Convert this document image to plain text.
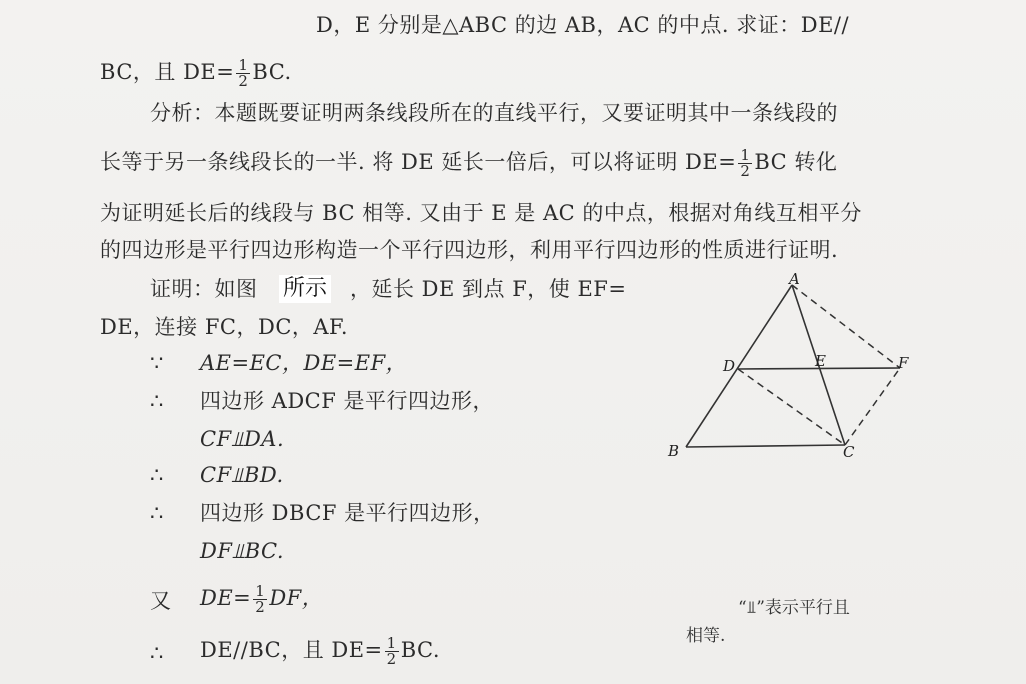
D，E 分别是△ABC 的边 AB，AC 的中点. 求证：DE//
BC，且 $DE= \frac{1}{2}$ BC.
分析：本题既要证明两条线段所在的直线平行，又要证明其中一条线段的
长等于另一条线段长的一半. 将 DE 延长一倍后，可以将证明 $DE= \frac{1}{2}$ BC 转化
为证明延长后的线段与 BC 相等. 又由于 E 是 AC 的中点，根据对角线互相平分
的四边形是平行四边形构造一个平行四边形，利用平行四边形的性质进行证明.
证明：如图 所示 ，延长 DE 到点 F，使 EF=
DE，连接 FC，DC，AF.
∵ AE=EC，DE=EF，
∴ 四边形 ADCF 是平行四边形，
CF⫫DA.
∴ CF⫫BD.
∴ 四边形 DBCF 是平行四边形，
DF⫫BC.
又 $DE= \frac{1}{2}$ DF，
∴ DE//BC，且 $DE= \frac{1}{2}$ BC.
“⫫”表示平行且
相等.
A
B	C
D	E	F
